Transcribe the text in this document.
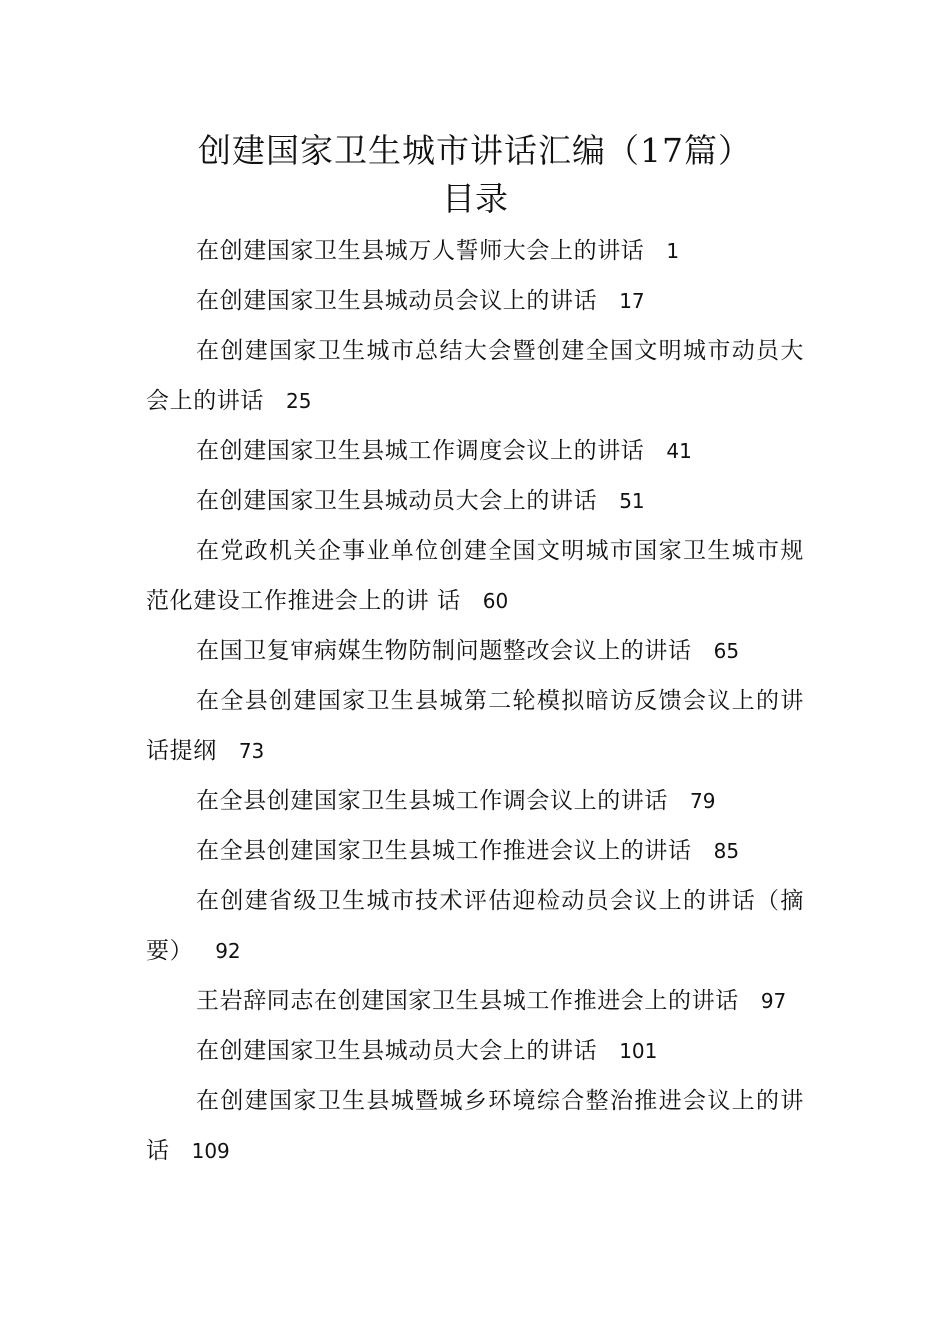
创建国家卫生城市讲话汇编（17篇）
目录
在创建国家卫生县城万人誓师大会上的讲话 1
在创建国家卫生县城动员会议上的讲话 17
在创建国家卫生城市总结大会暨创建全国文明城市动员大会上的讲话 25
在创建国家卫生县城工作调度会议上的讲话 41
在创建国家卫生县城动员大会上的讲话 51
在党政机关企事业单位创建全国文明城市国家卫生城市规范化建设工作推进会上的讲 话 60
在国卫复审病媒生物防制问题整改会议上的讲话 65
在全县创建国家卫生县城第二轮模拟暗访反馈会议上的讲话提纲 73
在全县创建国家卫生县城工作调会议上的讲话 79
在全县创建国家卫生县城工作推进会议上的讲话 85
在创建省级卫生城市技术评估迎检动员会议上的讲话（摘要） 92
王岩辞同志在创建国家卫生县城工作推进会上的讲话 97
在创建国家卫生县城动员大会上的讲话 101
在创建国家卫生县城暨城乡环境综合整治推进会议上的讲话 109
